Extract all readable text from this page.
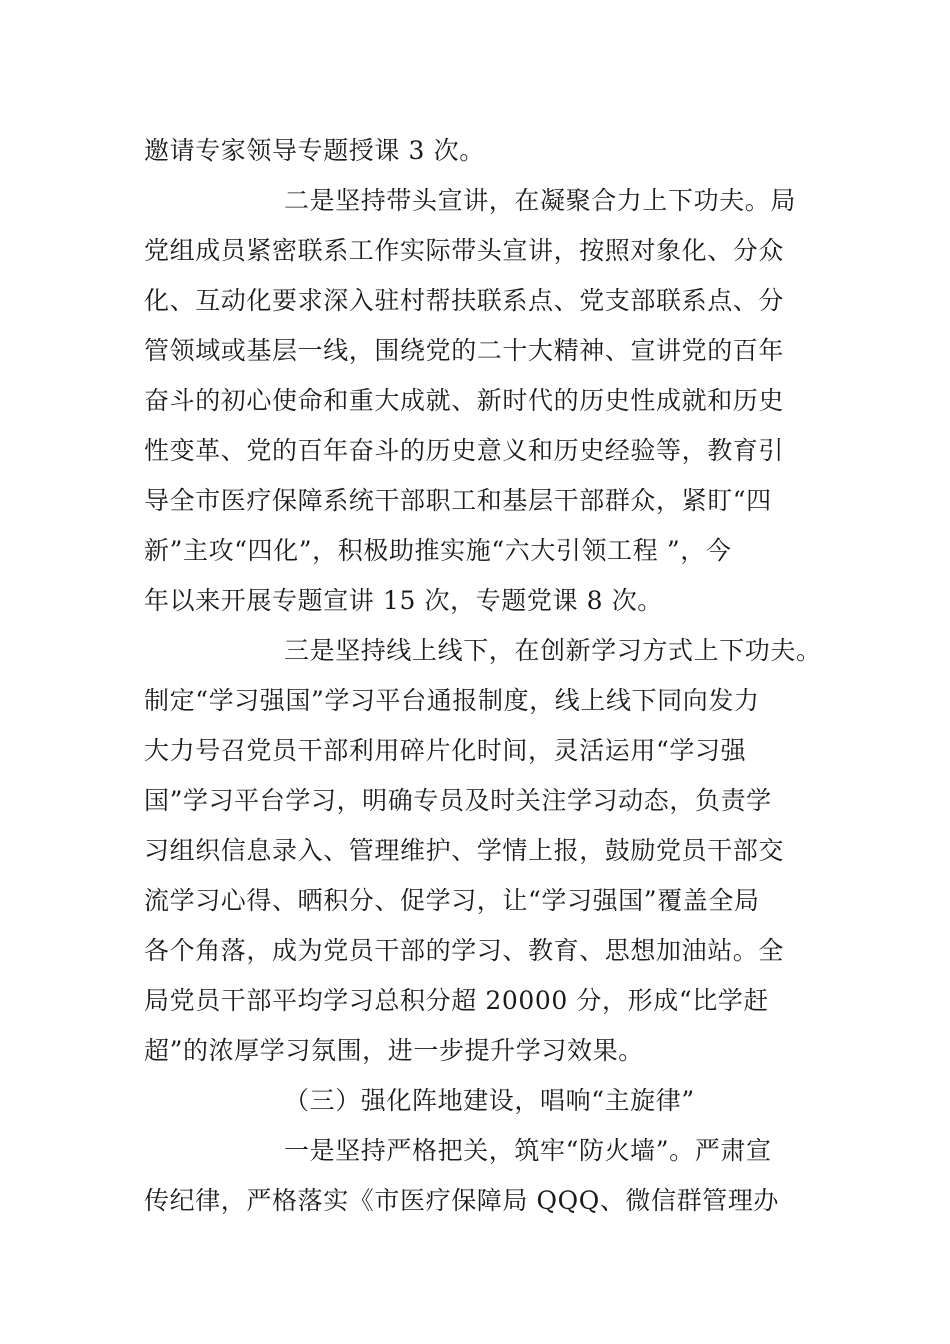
邀请专家领导专题授课 3 次。
二是坚持带头宣讲，在凝聚合力上下功夫。局
党组成员紧密联系工作实际带头宣讲，按照对象化、分众
化、互动化要求深入驻村帮扶联系点、党支部联系点、分
管领域或基层一线，围绕党的二十大精神、宣讲党的百年
奋斗的初心使命和重大成就、新时代的历史性成就和历史
性变革、党的百年奋斗的历史意义和历史经验等，教育引
导全市医疗保障系统干部职工和基层干部群众，紧盯“四
新”主攻“四化”，积极助推实施“六大引领工程 ”，今
年以来开展专题宣讲 15 次，专题党课 8 次。
三是坚持线上线下，在创新学习方式上下功夫。
制定“学习强国”学习平台通报制度，线上线下同向发力
大力号召党员干部利用碎片化时间，灵活运用“学习强
国”学习平台学习，明确专员及时关注学习动态，负责学
习组织信息录入、管理维护、学情上报，鼓励党员干部交
流学习心得、晒积分、促学习，让“学习强国”覆盖全局
各个角落，成为党员干部的学习、教育、思想加油站。全
局党员干部平均学习总积分超 20000 分，形成“比学赶
超”的浓厚学习氛围，进一步提升学习效果。
（三）强化阵地建设，唱响“主旋律”
一是坚持严格把关，筑牢“防火墙”。严肃宣
传纪律，严格落实《市医疗保障局 QQQ、微信群管理办
